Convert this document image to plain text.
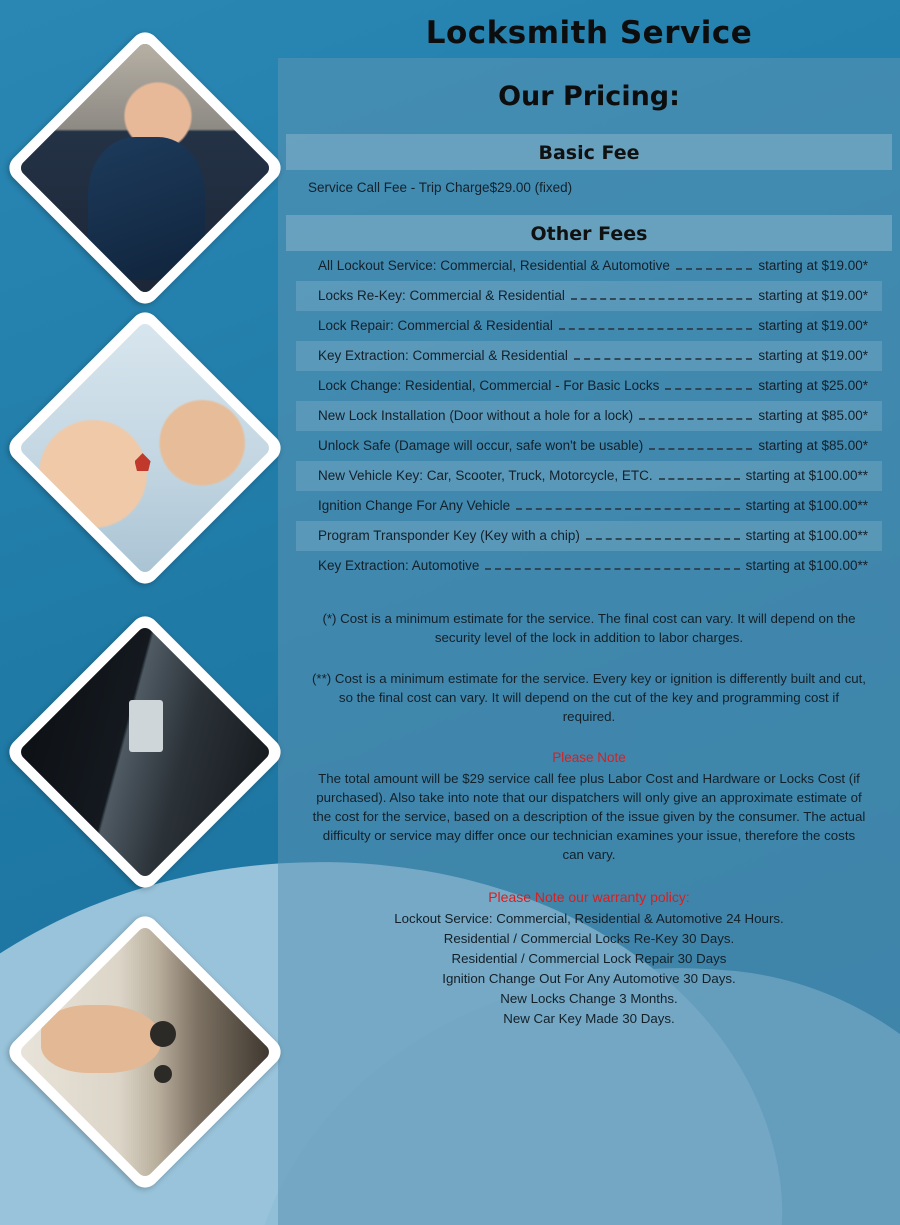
Locksmith Service
Our Pricing:
Basic Fee
Service Call Fee - Trip Charge $29.00 (fixed)
Other Fees
All Lockout Service: Commercial, Residential & Automotive	starting at $19.00*
Locks Re-Key: Commercial & Residential	starting at $19.00*
Lock Repair: Commercial & Residential	starting at $19.00*
Key Extraction: Commercial & Residential	starting at $19.00*
Lock Change: Residential, Commercial - For Basic Locks	starting at $25.00*
New Lock Installation (Door without a hole for a lock)	starting at $85.00*
Unlock Safe (Damage will occur, safe won't be usable)	starting at $85.00*
New Vehicle Key: Car, Scooter, Truck, Motorcycle, ETC.	starting at $100.00**
Ignition Change For Any Vehicle	starting at $100.00**
Program Transponder Key (Key with a chip)	starting at $100.00**
Key Extraction: Automotive	starting at $100.00**

(*) Cost is a minimum estimate for the service. The final cost can vary. It will depend on the security level of the lock in addition to labor charges.

(**) Cost is a minimum estimate for the service. Every key or ignition is differently built and cut, so the final cost can vary. It will depend on the cut of the key and programming cost if required.

Please Note

The total amount will be $29 service call fee plus Labor Cost and Hardware or Locks Cost (if purchased). Also take into note that our dispatchers will only give an approximate estimate of the cost for the service, based on a description of the issue given by the consumer. The actual difficulty or service may differ once our technician examines your issue, therefore the costs can vary.

Please Note our warranty policy:
Lockout Service: Commercial, Residential & Automotive 24 Hours.
Residential / Commercial Locks Re-Key 30 Days.
Residential / Commercial Lock Repair 30 Days
Ignition Change Out For Any Automotive 30 Days.
New Locks Change 3 Months.
New Car Key Made 30 Days.
